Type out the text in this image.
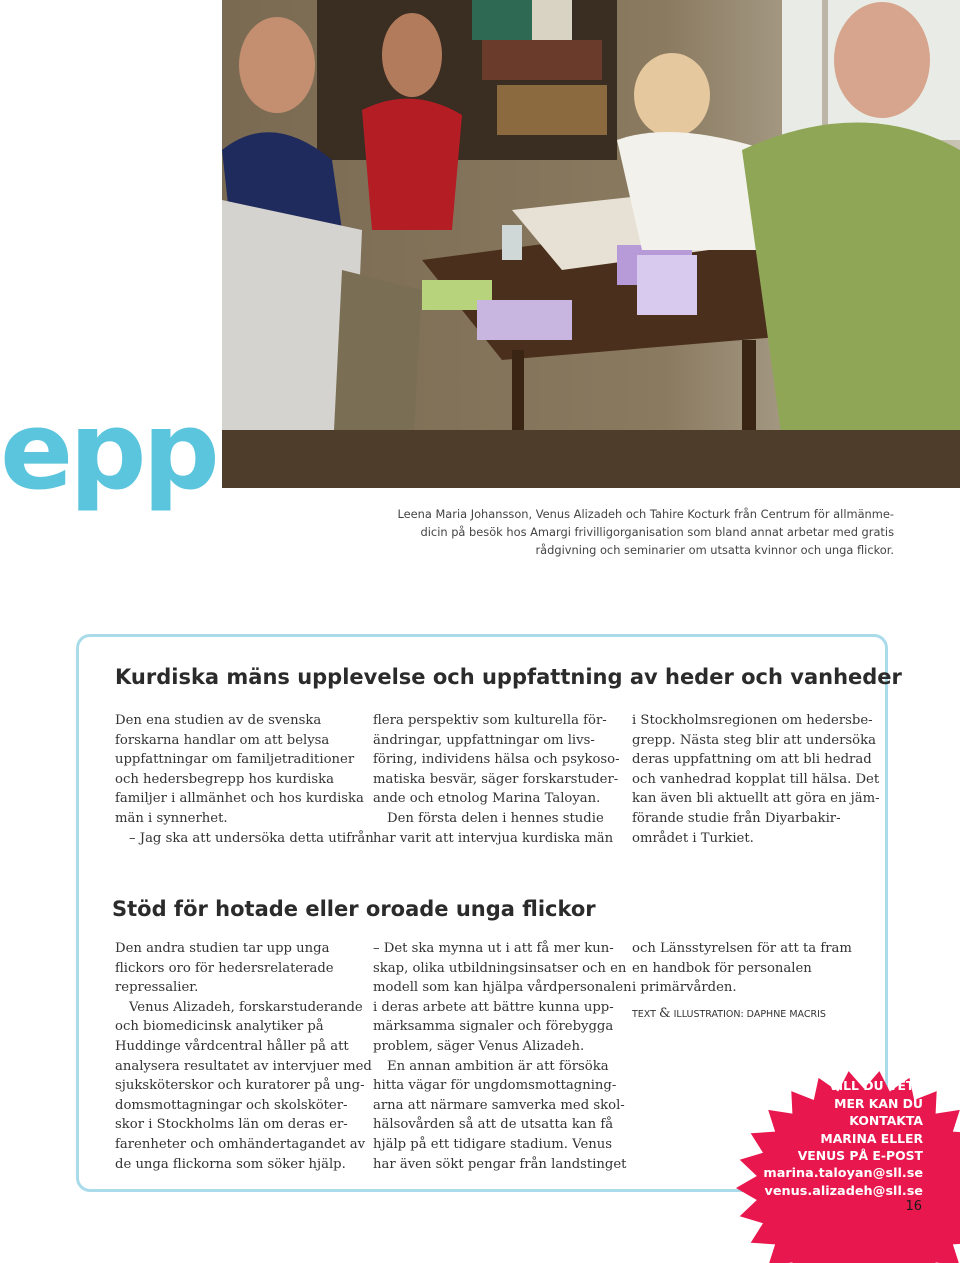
epp	Leena Maria Johansson, Venus Alizadeh och Tahire Kocturk från Centrum för allmänme-
dicin på besök hos Amargi frivilligorganisation som bland annat arbetar med gratis
rådgivning och seminarier om utsatta kvinnor och unga flickor.
Kurdiska mäns upplevelse och uppfattning av heder och vanheder
Den ena studien av de svenska
forskarna handlar om att belysa
uppfattningar om familjetraditioner
och hedersbegrepp hos kurdiska
familjer i allmänhet och hos kurdiska
män i synnerhet.
– Jag ska att undersöka detta utifrån
flera perspektiv som kulturella för-
ändringar, uppfattningar om livs-
föring, individens hälsa och psykoso-
matiska besvär, säger forskarstuder-
ande och etnolog Marina Taloyan.
Den första delen i hennes studie
har varit att intervjua kurdiska män
i Stockholmsregionen om hedersbe-
grepp. Nästa steg blir att undersöka
deras uppfattning om att bli hedrad
och vanhedrad kopplat till hälsa. Det
kan även bli aktuellt att göra en jäm-
förande studie från Diyarbakir-
området i Turkiet.
Stöd för hotade eller oroade unga flickor
Den andra studien tar upp unga
flickors oro för hedersrelaterade
repressalier.
Venus Alizadeh, forskarstuderande
och biomedicinsk analytiker på
Huddinge vårdcentral håller på att
analysera resultatet av intervjuer med
sjuksköterskor och kuratorer på ung-
domsmottagningar och skolsköter-
skor i Stockholms län om deras er-
farenheter och omhändertagandet av
de unga flickorna som söker hjälp.
– Det ska mynna ut i att få mer kun-
skap, olika utbildningsinsatser och en
modell som kan hjälpa vårdpersonalen
i deras arbete att bättre kunna upp-
märksamma signaler och förebygga
problem, säger Venus Alizadeh.
En annan ambition är att försöka
hitta vägar för ungdomsmottagning-
arna att närmare samverka med skol-
hälsovården så att de utsatta kan få
hjälp på ett tidigare stadium. Venus
har även sökt pengar från landstinget
och Länsstyrelsen för att ta fram
en handbok för personalen
i primärvården.
TEXT & ILLUSTRATION: DAPHNE MACRIS
VILL DU VETA
MER KAN DU
KONTAKTA
MARINA ELLER
VENUS PÅ E-POST
marina.taloyan@sll.se
venus.alizadeh@sll.se
16
